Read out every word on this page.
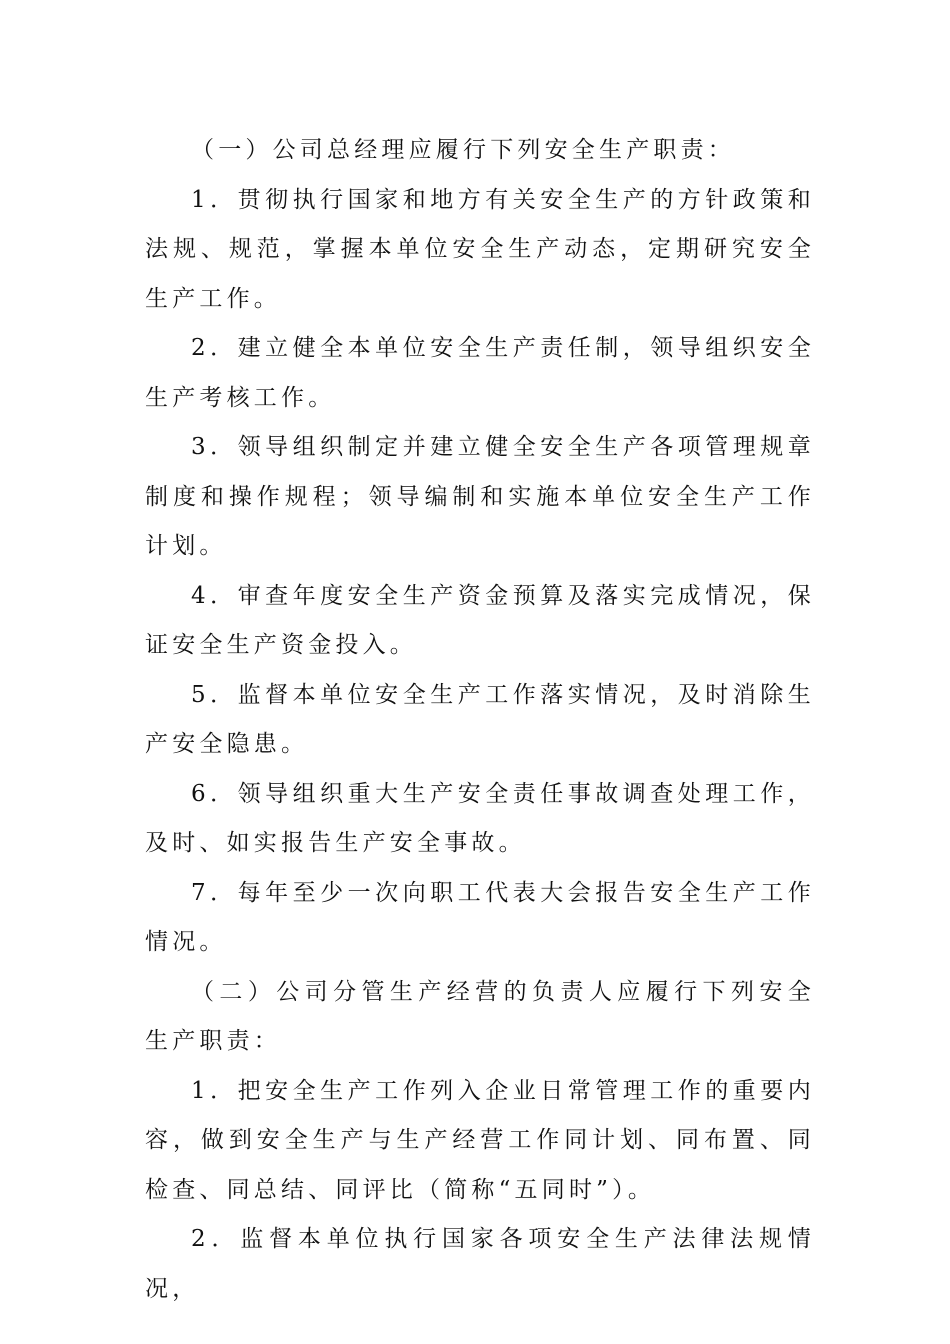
（一）公司总经理应履行下列安全生产职责：

1．贯彻执行国家和地方有关安全生产的方针政策和法规、规范，掌握本单位安全生产动态，定期研究安全生产工作。

2．建立健全本单位安全生产责任制，领导组织安全生产考核工作。

3．领导组织制定并建立健全安全生产各项管理规章制度和操作规程；领导编制和实施本单位安全生产工作计划。

4．审查年度安全生产资金预算及落实完成情况，保证安全生产资金投入。

5．监督本单位安全生产工作落实情况，及时消除生产安全隐患。

6．领导组织重大生产安全责任事故调查处理工作，及时、如实报告生产安全事故。

7．每年至少一次向职工代表大会报告安全生产工作情况。

（二）公司分管生产经营的负责人应履行下列安全生产职责：

1．把安全生产工作列入企业日常管理工作的重要内容，做到安全生产与生产经营工作同计划、同布置、同检查、同总结、同评比（简称“五同时”）。

2．监督本单位执行国家各项安全生产法律法规情况，
